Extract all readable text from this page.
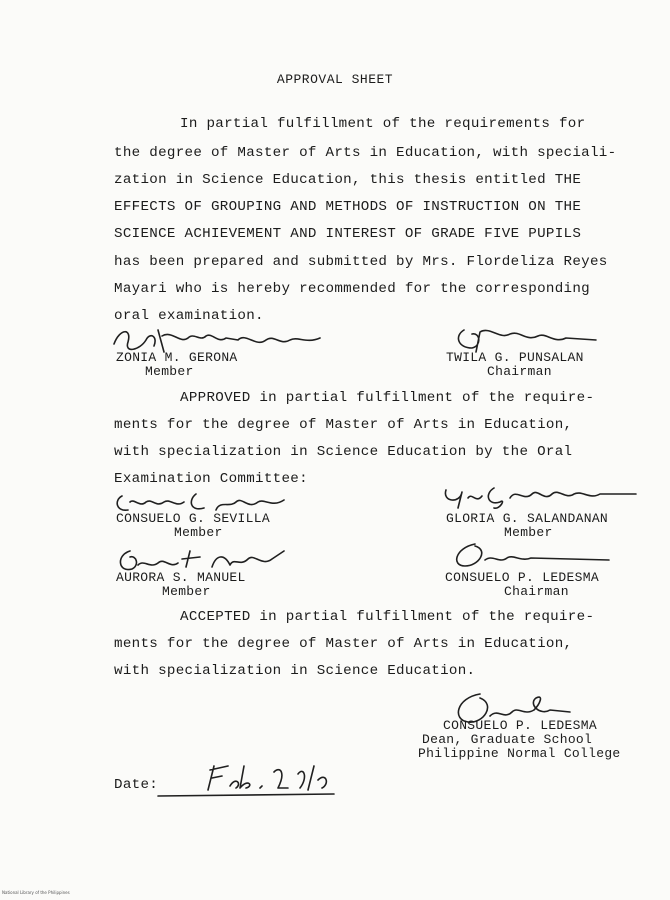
APPROVAL SHEET
In partial fulfillment of the requirements for
the degree of Master of Arts in Education, with speciali-
zation in Science Education, this thesis entitled THE
EFFECTS OF GROUPING AND METHODS OF INSTRUCTION ON THE
SCIENCE ACHIEVEMENT AND INTEREST OF GRADE FIVE PUPILS
has been prepared and submitted by Mrs. Flordeliza Reyes
Mayari who is hereby recommended for the corresponding
oral examination.
ZONIA M. GERONA
Member
TWILA G. PUNSALAN
Chairman
APPROVED in partial fulfillment of the require-
ments for the degree of Master of Arts in Education,
with specialization in Science Education by the Oral
Examination Committee:
CONSUELO G. SEVILLA
Member
GLORIA G. SALANDANAN
Member
AURORA S. MANUEL
Member
CONSUELO P. LEDESMA
Chairman
ACCEPTED in partial fulfillment of the require-
ments for the degree of Master of Arts in Education,
with specialization in Science Education.
CONSUELO P. LEDESMA
Dean, Graduate School
Philippine Normal College
Date:
National Library of the Philippines
